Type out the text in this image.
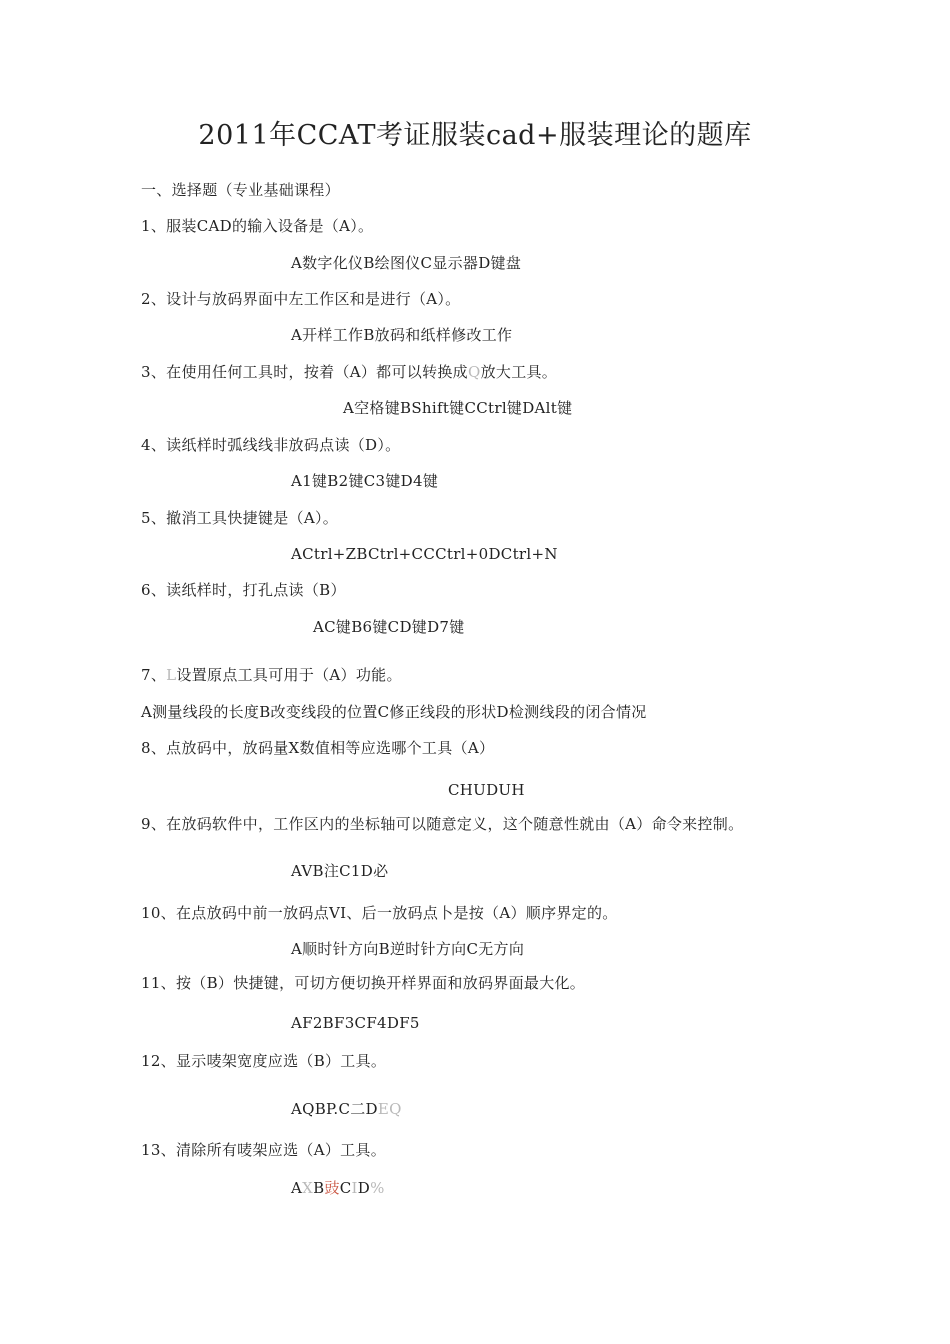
2011年CCAT考证服装cad+服装理论的题库
一、选择题（专业基础课程）
1、服装CAD的输入设备是（A）。
A数字化仪B绘图仪C显示器D键盘
2、设计与放码界面中左工作区和是进行（A）。
A开样工作B放码和纸样修改工作
3、在使用任何工具时，按着（A）都可以转换成Q放大工具。
A空格键BShift键CCtrl键DAlt键
4、读纸样时弧线线非放码点读（D）。
A1键B2键C3键D4键
5、撤消工具快捷键是（A）。
ACtrl+ZBCtrl+CCCtrl+0DCtrl+N
6、读纸样时，打孔点读（B）
AC键B6键CD键D7键
7、L设置原点工具可用于（A）功能。
A测量线段的长度B改变线段的位置C修正线段的形状D检测线段的闭合情况
8、点放码中，放码量X数值相等应选哪个工具（A）
CHUDUH
9、在放码软件中，工作区内的坐标轴可以随意定义，这个随意性就由（A）命令来控制。
AVB注C1D必
10、在点放码中前一放码点VI、后一放码点卜是按（A）顺序界定的。
A顺时针方向B逆时针方向C无方向
11、按（B）快捷键，可切方便切换开样界面和放码界面最大化。
AF2BF3CF4DF5
12、显示唛架宽度应选（B）工具。
AQBP.C二DEQ
13、清除所有唛架应选（A）工具。
AXB豉CID%
